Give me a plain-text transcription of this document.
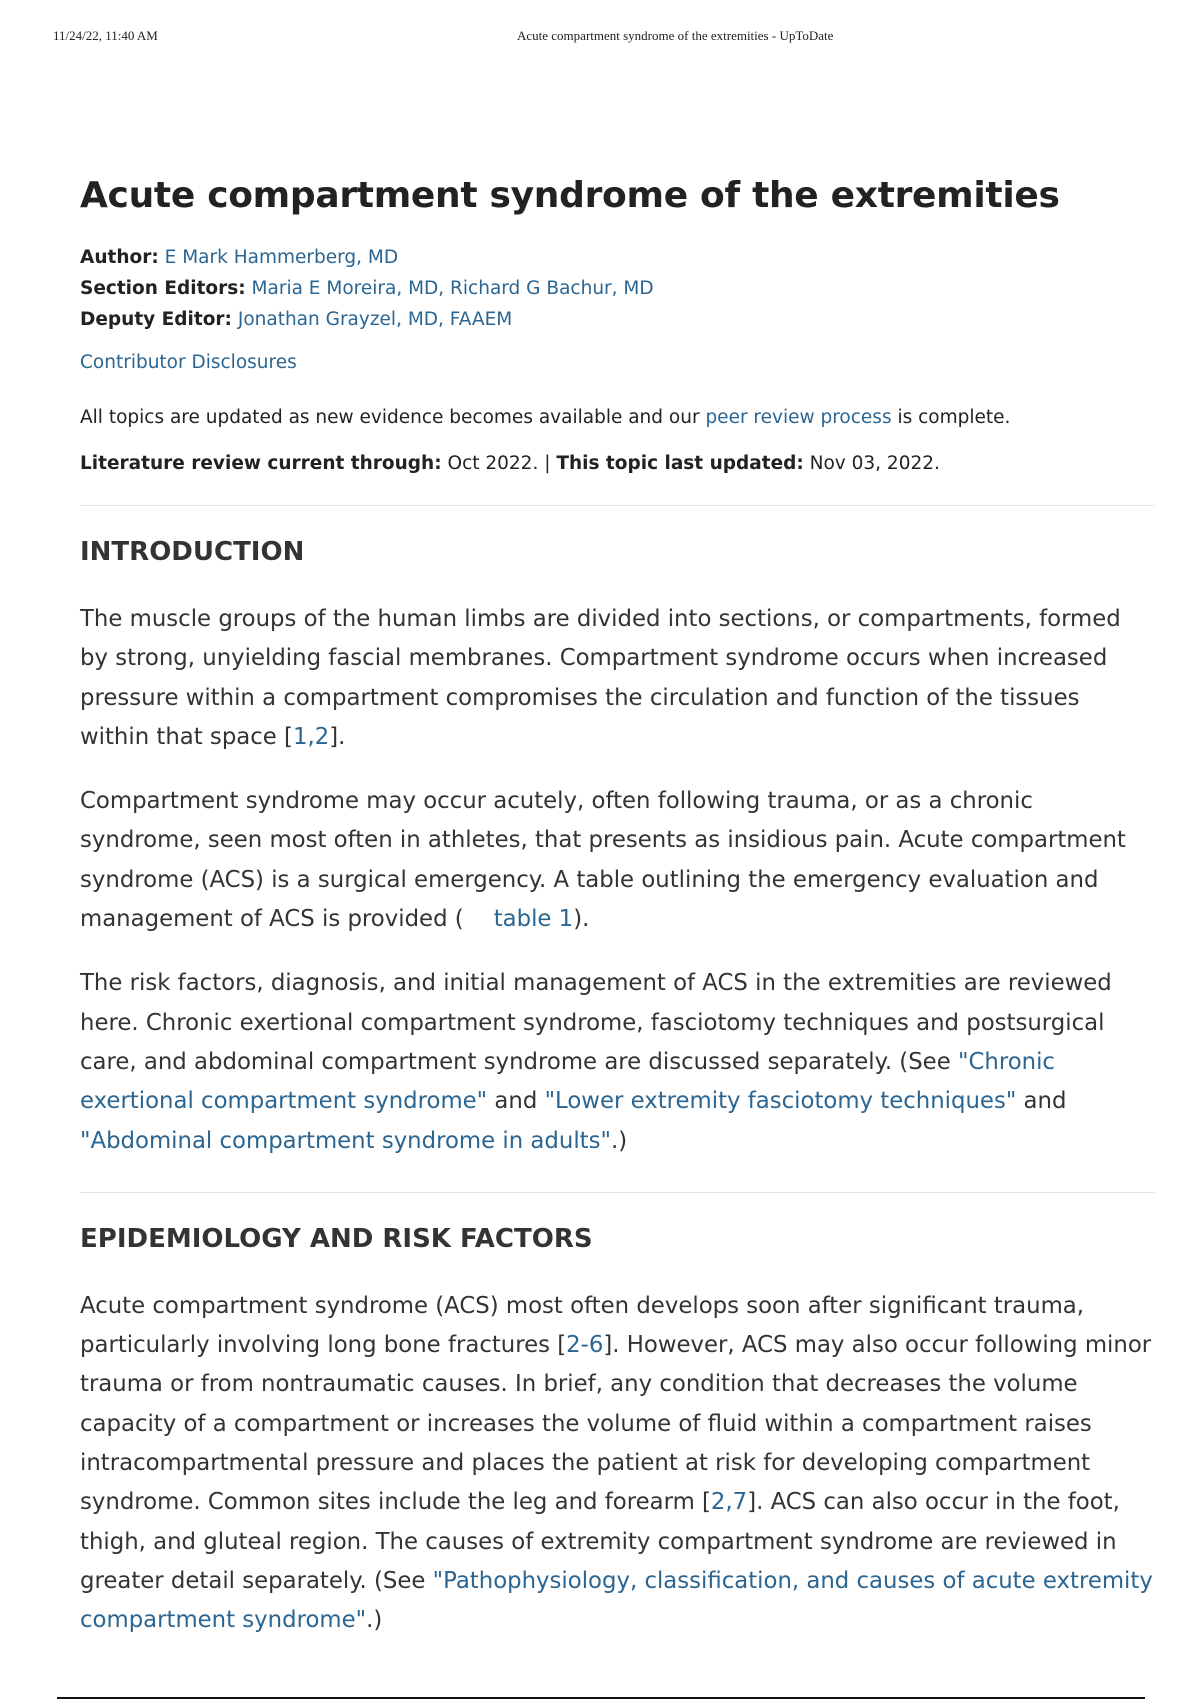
11/24/22, 11:40 AM	Acute compartment syndrome of the extremities - UpToDate
Acute compartment syndrome of the extremities
Author: E Mark Hammerberg, MD
Section Editors: Maria E Moreira, MD, Richard G Bachur, MD
Deputy Editor: Jonathan Grayzel, MD, FAAEM
Contributor Disclosures
All topics are updated as new evidence becomes available and our peer review process is complete.
Literature review current through: Oct 2022. | This topic last updated: Nov 03, 2022.
INTRODUCTION

The muscle groups of the human limbs are divided into sections, or compartments, formed by strong, unyielding fascial membranes. Compartment syndrome occurs when increased pressure within a compartment compromises the circulation and function of the tissues within that space [1,2].

Compartment syndrome may occur acutely, often following trauma, or as a chronic syndrome, seen most often in athletes, that presents as insidious pain. Acute compartment syndrome (ACS) is a surgical emergency. A table outlining the emergency evaluation and management of ACS is provided ( table 1).

The risk factors, diagnosis, and initial management of ACS in the extremities are reviewed here. Chronic exertional compartment syndrome, fasciotomy techniques and postsurgical care, and abdominal compartment syndrome are discussed separately. (See "Chronic exertional compartment syndrome" and "Lower extremity fasciotomy techniques" and "Abdominal compartment syndrome in adults".)

EPIDEMIOLOGY AND RISK FACTORS

Acute compartment syndrome (ACS) most often develops soon after significant trauma, particularly involving long bone fractures [2-6]. However, ACS may also occur following minor trauma or from nontraumatic causes. In brief, any condition that decreases the volume capacity of a compartment or increases the volume of fluid within a compartment raises intracompartmental pressure and places the patient at risk for developing compartment syndrome. Common sites include the leg and forearm [2,7]. ACS can also occur in the foot, thigh, and gluteal region. The causes of extremity compartment syndrome are reviewed in greater detail separately. (See "Pathophysiology, classification, and causes of acute extremity compartment syndrome".)
